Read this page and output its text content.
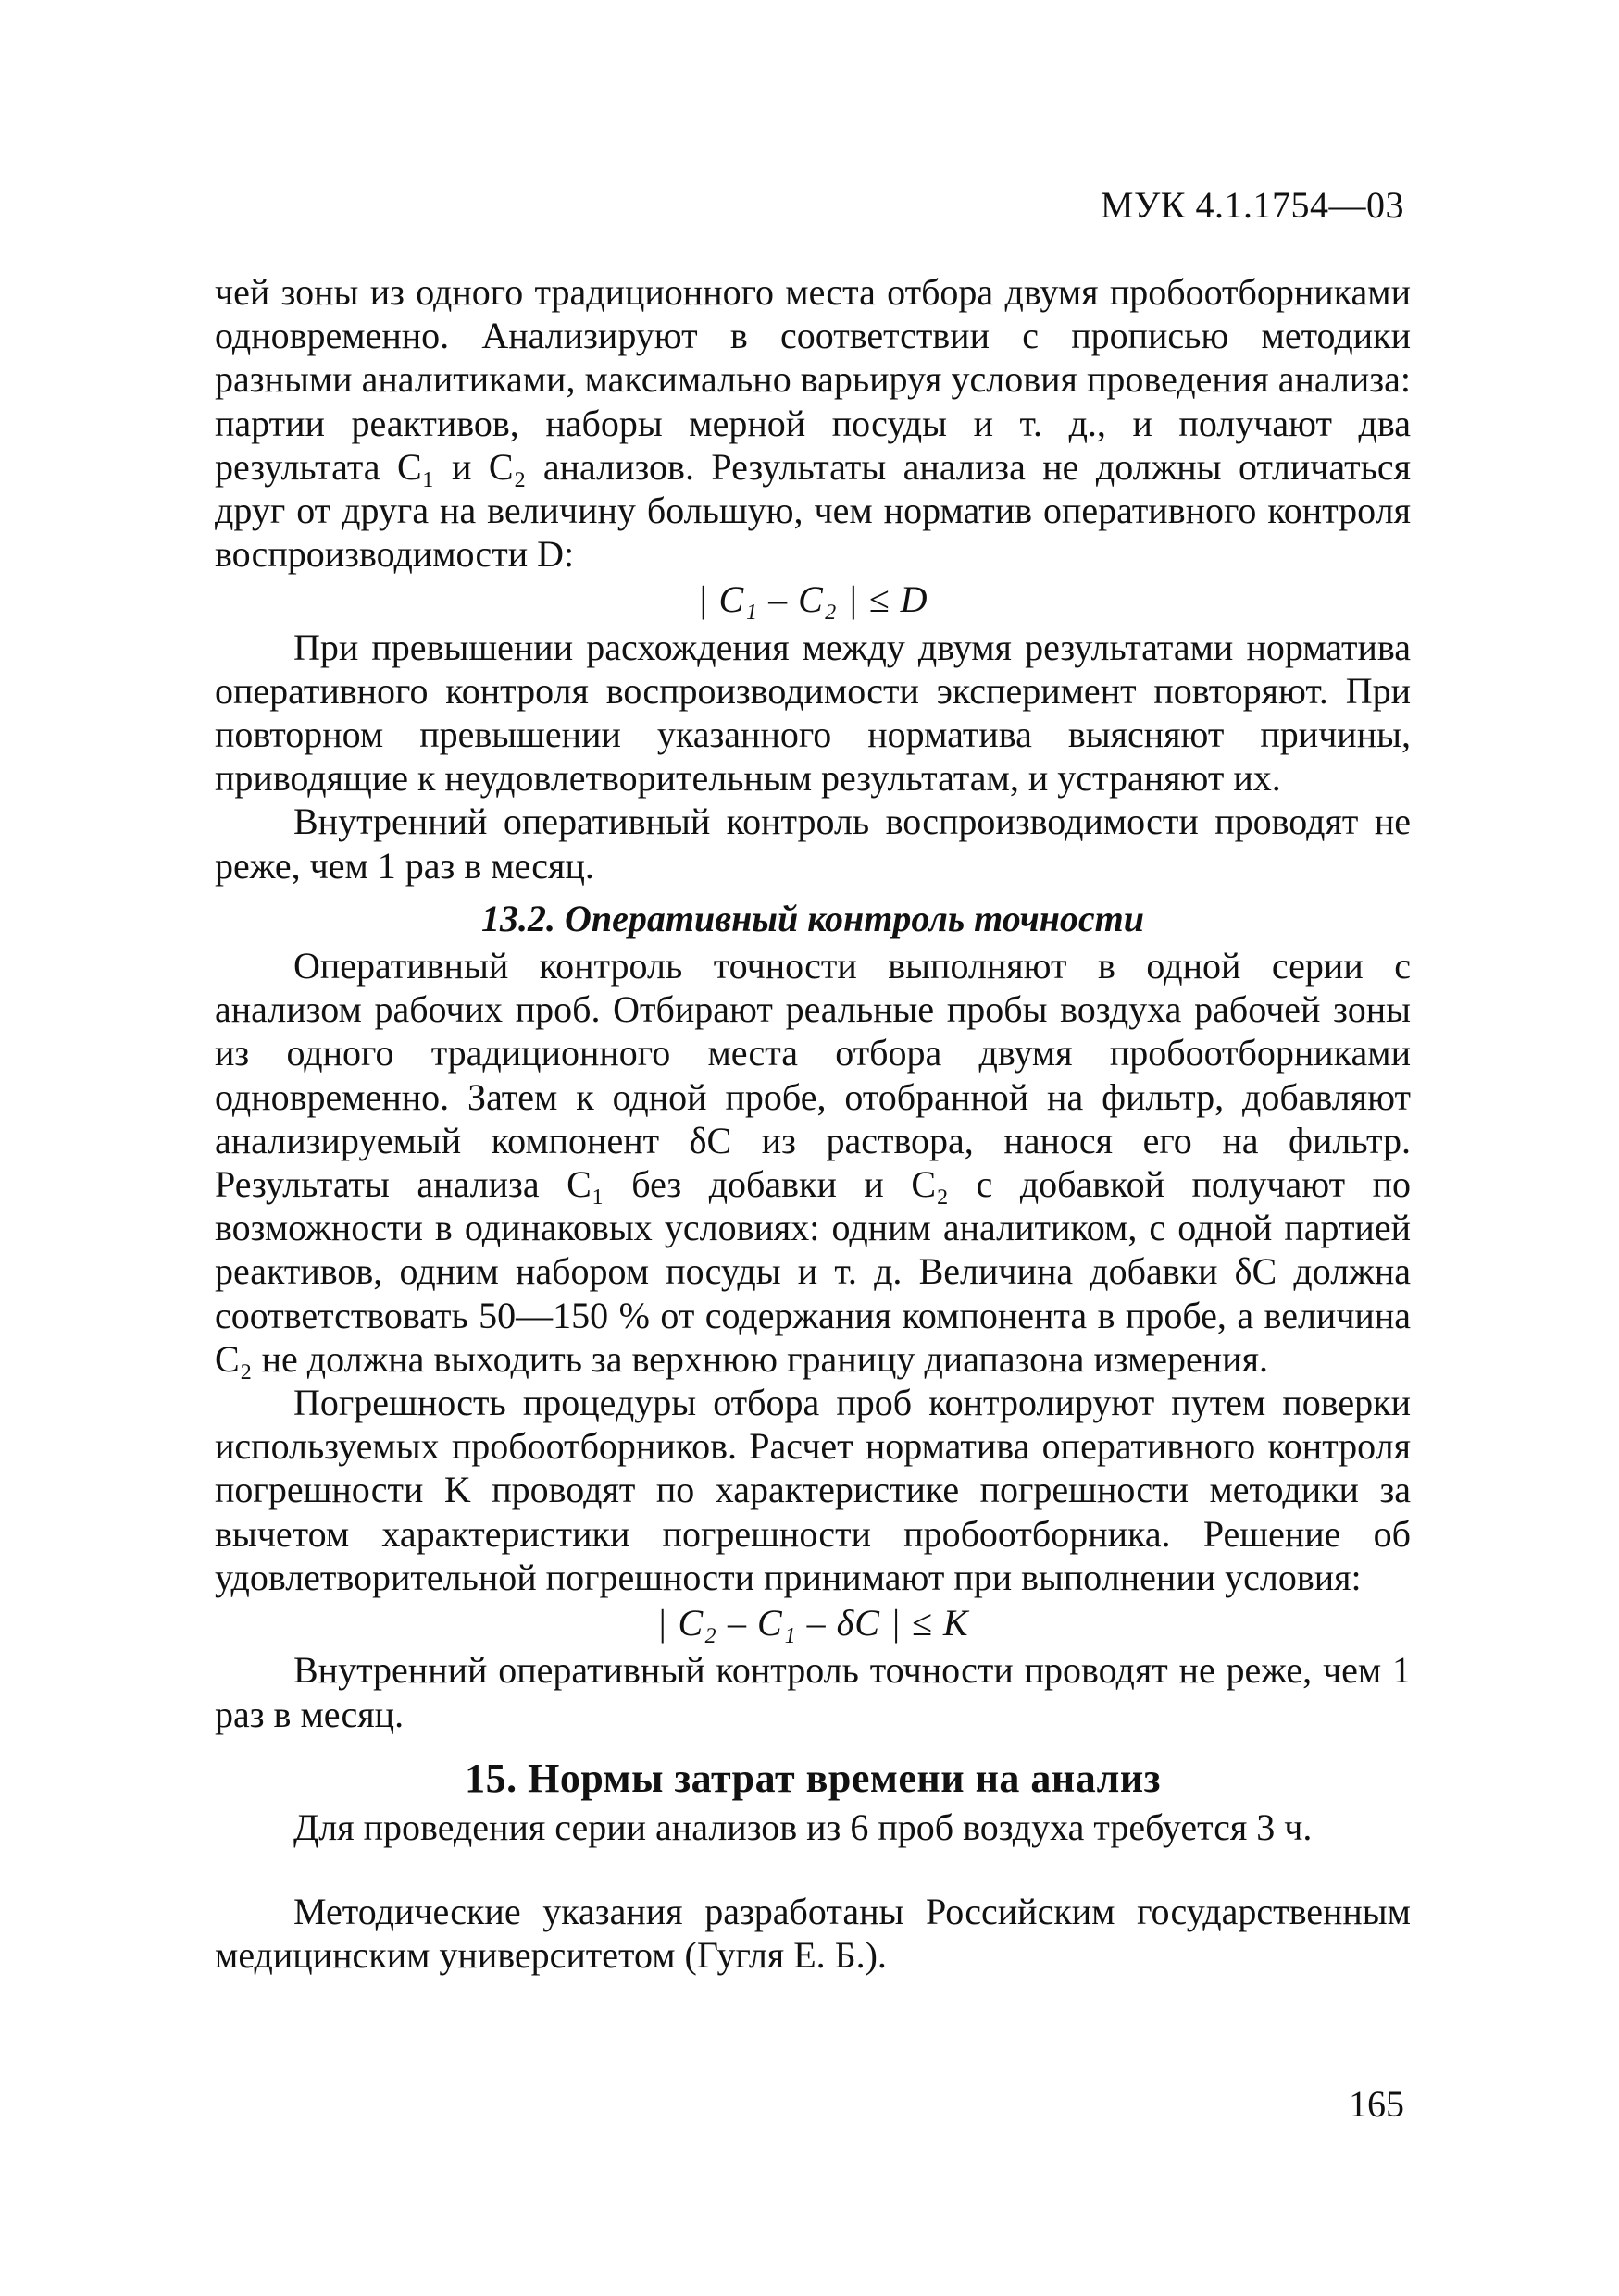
МУК 4.1.1754—03

чей зоны из одного традиционного места отбора двумя пробоотборниками одновременно. Анализируют в соответствии с прописью методики разными аналитиками, максимально варьируя условия проведения анализа: партии реактивов, наборы мерной посуды и т. д., и получают два результата C₁ и C₂ анализов. Результаты анализа не должны отличаться друг от друга на величину большую, чем норматив оперативного контроля воспроизводимости D:

| C₁ – C₂ | ≤ D

При превышении расхождения между двумя результатами норматива оперативного контроля воспроизводимости эксперимент повторяют. При повторном превышении указанного норматива выясняют причины, приводящие к неудовлетворительным результатам, и устраняют их.

Внутренний оперативный контроль воспроизводимости проводят не реже, чем 1 раз в месяц.

13.2. Оперативный контроль точности

Оперативный контроль точности выполняют в одной серии с анализом рабочих проб. Отбирают реальные пробы воздуха рабочей зоны из одного традиционного места отбора двумя пробоотборниками одновременно. Затем к одной пробе, отобранной на фильтр, добавляют анализируемый компонент δC из раствора, нанося его на фильтр. Результаты анализа C₁ без добавки и C₂ с добавкой получают по возможности в одинаковых условиях: одним аналитиком, с одной партией реактивов, одним набором посуды и т. д. Величина добавки δC должна соответствовать 50—150 % от содержания компонента в пробе, а величина C₂ не должна выходить за верхнюю границу диапазона измерения.

Погрешность процедуры отбора проб контролируют путем поверки используемых пробоотборников. Расчет норматива оперативного контроля погрешности K проводят по характеристике погрешности методики за вычетом характеристики погрешности пробоотборника. Решение об удовлетворительной погрешности принимают при выполнении условия:

| C₂ – C₁ – δC | ≤ K

Внутренний оперативный контроль точности проводят не реже, чем 1 раз в месяц.

15. Нормы затрат времени на анализ

Для проведения серии анализов из 6 проб воздуха требуется 3 ч.

Методические указания разработаны Российским государственным медицинским университетом (Гугля Е. Б.).

165
